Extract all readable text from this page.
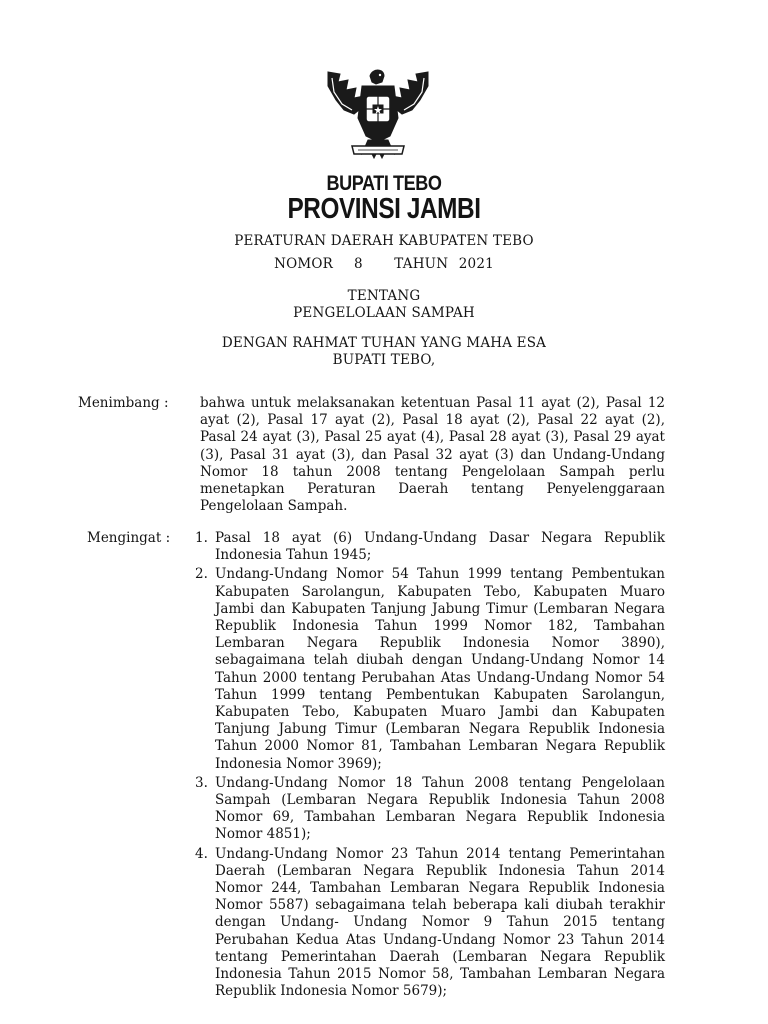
BUPATI TEBO
PROVINSI JAMBI
PERATURAN DAERAH KABUPATEN TEBO
NOMOR  8   TAHUN 2021
TENTANG
PENGELOLAAN SAMPAH
DENGAN RAHMAT TUHAN YANG MAHA ESA
BUPATI TEBO,
Menimbang : bahwa untuk melaksanakan ketentuan Pasal 11 ayat (2), Pasal 12 ayat (2), Pasal 17 ayat (2), Pasal 18 ayat (2), Pasal 22 ayat (2), Pasal 24 ayat (3), Pasal 25 ayat (4), Pasal 28 ayat (3), Pasal 29 ayat (3), Pasal 31 ayat (3), dan Pasal 32 ayat (3) dan Undang-Undang Nomor 18 tahun 2008 tentang Pengelolaan Sampah perlu menetapkan Peraturan Daerah tentang Penyelenggaraan Pengelolaan Sampah.

Mengingat : 1. Pasal 18 ayat (6) Undang-Undang Dasar Negara Republik Indonesia Tahun 1945;
2. Undang-Undang Nomor 54 Tahun 1999 tentang Pembentukan Kabupaten Sarolangun, Kabupaten Tebo, Kabupaten Muaro Jambi dan Kabupaten Tanjung Jabung Timur (Lembaran Negara Republik Indonesia Tahun 1999 Nomor 182, Tambahan Lembaran Negara Republik Indonesia Nomor 3890), sebagaimana telah diubah dengan Undang-Undang Nomor 14 Tahun 2000 tentang Perubahan Atas Undang-Undang Nomor 54 Tahun 1999 tentang Pembentukan Kabupaten Sarolangun, Kabupaten Tebo, Kabupaten Muaro Jambi dan Kabupaten Tanjung Jabung Timur (Lembaran Negara Republik Indonesia Tahun 2000 Nomor 81, Tambahan Lembaran Negara Republik Indonesia Nomor 3969);
3. Undang-Undang Nomor 18 Tahun 2008 tentang Pengelolaan Sampah (Lembaran Negara Republik Indonesia Tahun 2008 Nomor 69, Tambahan Lembaran Negara Republik Indonesia Nomor 4851);
4. Undang-Undang Nomor 23 Tahun 2014 tentang Pemerintahan Daerah (Lembaran Negara Republik Indonesia Tahun 2014 Nomor 244, Tambahan Lembaran Negara Republik Indonesia Nomor 5587) sebagaimana telah beberapa kali diubah terakhir dengan Undang- Undang Nomor 9 Tahun 2015 tentang Perubahan Kedua Atas Undang-Undang Nomor 23 Tahun 2014 tentang Pemerintahan Daerah (Lembaran Negara Republik Indonesia Tahun 2015 Nomor 58, Tambahan Lembaran Negara Republik Indonesia Nomor 5679);
